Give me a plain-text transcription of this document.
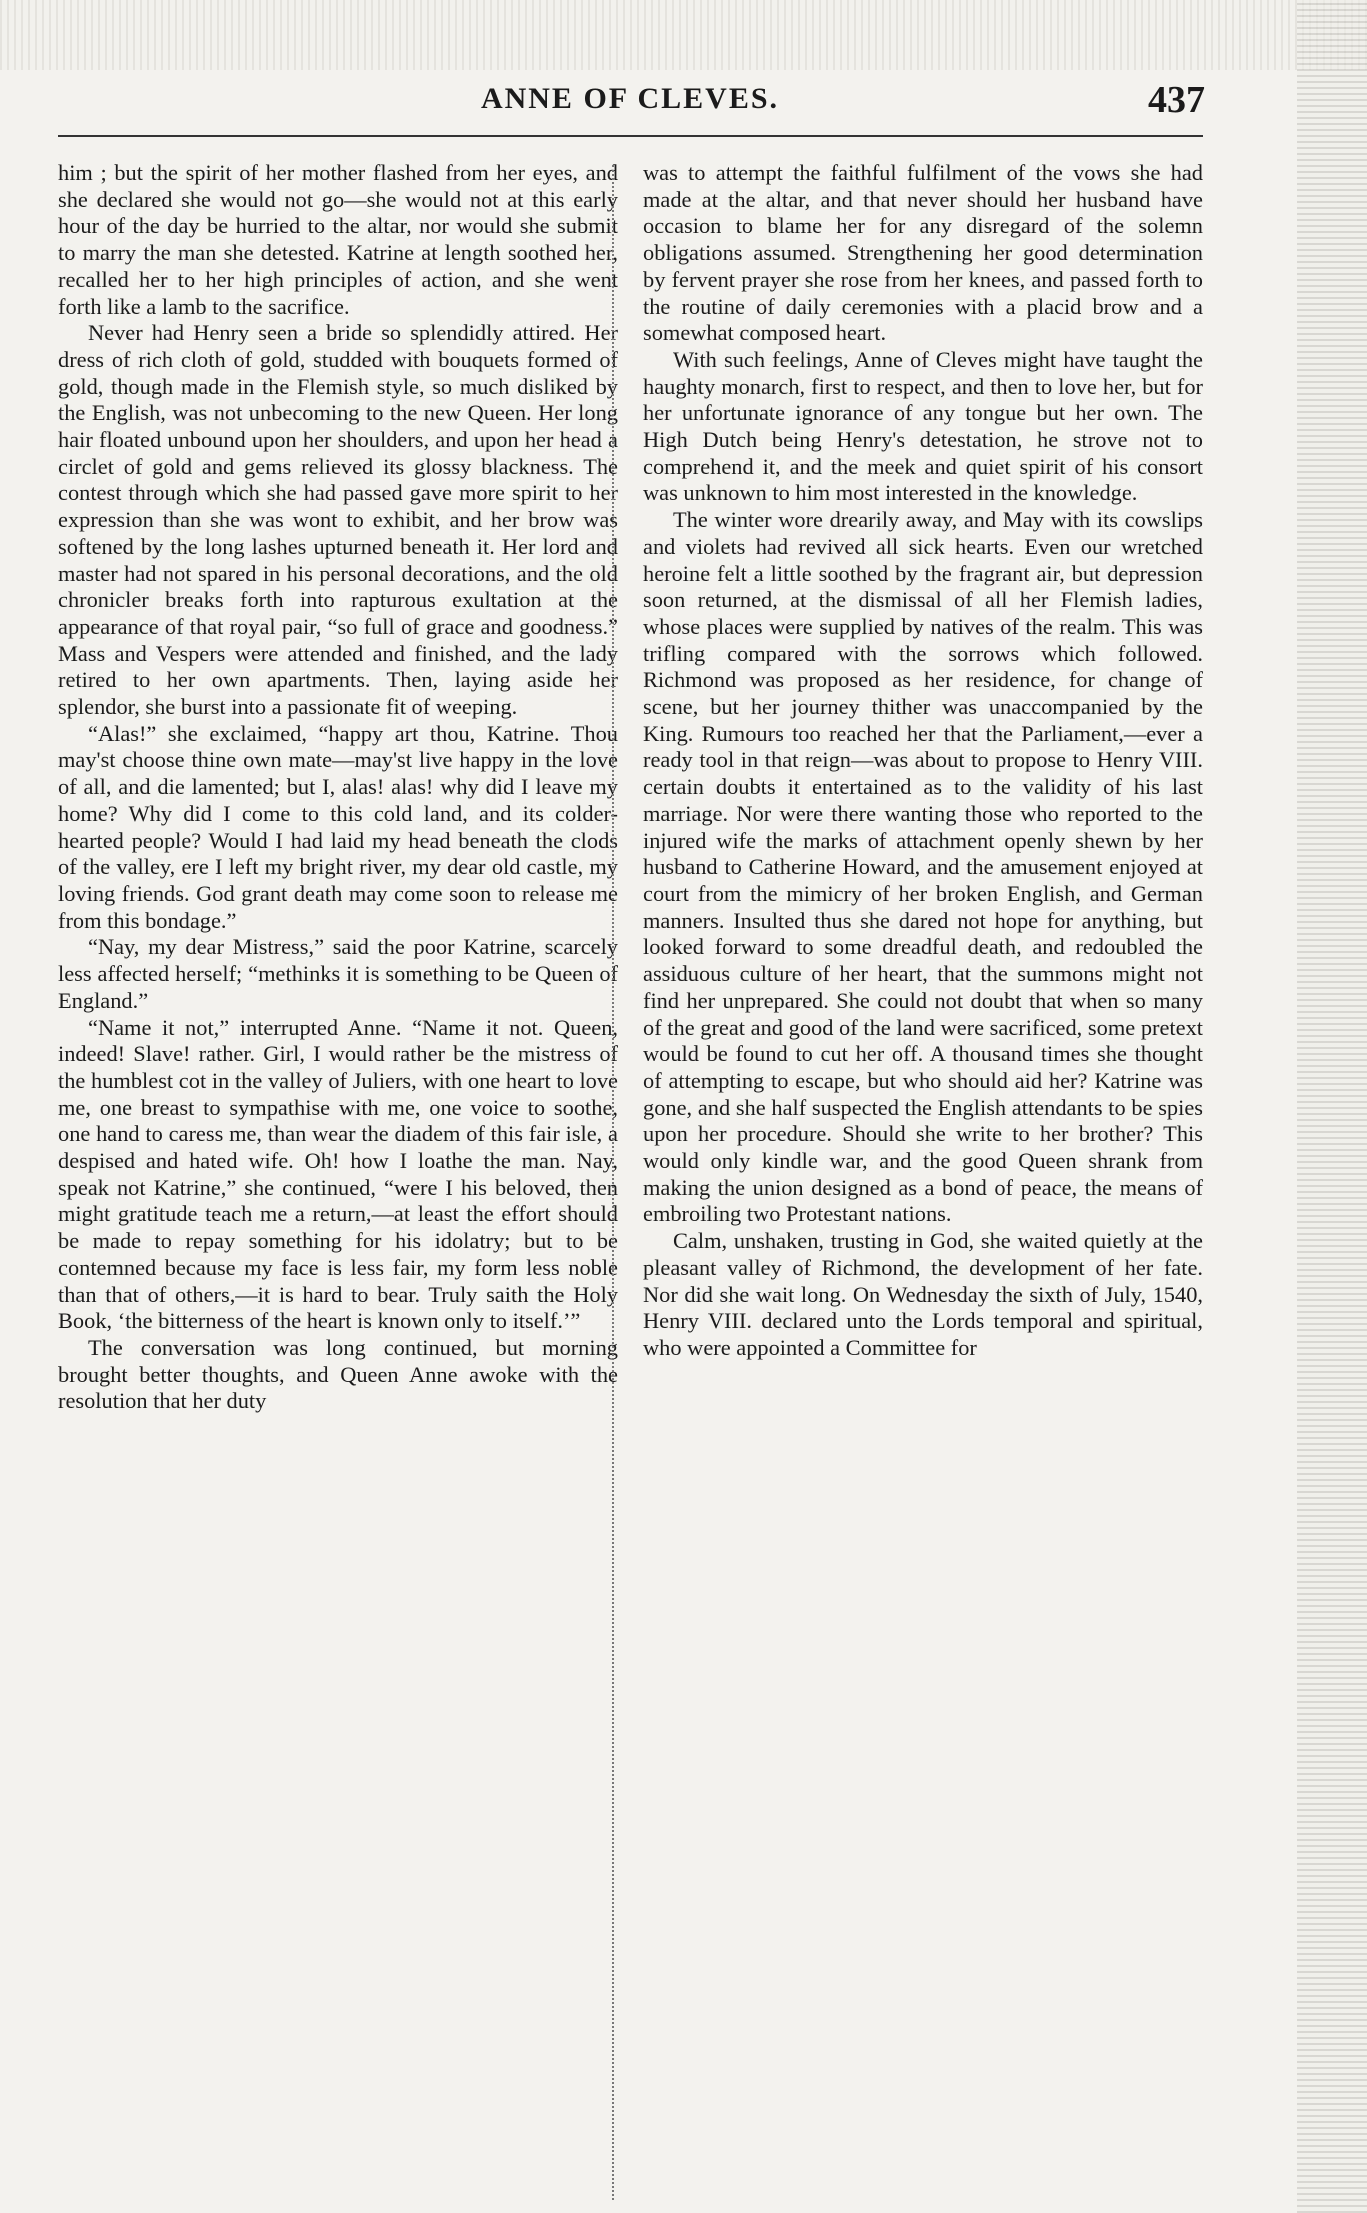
ANNE OF CLEVES.	437

him ; but the spirit of her mother flashed from her eyes, and she declared she would not go—she would not at this early hour of the day be hurried to the altar, nor would she submit to marry the man she detested. Katrine at length soothed her, recalled her to her high principles of action, and she went forth like a lamb to the sacrifice.

Never had Henry seen a bride so splendidly attired. Her dress of rich cloth of gold, studded with bouquets formed of gold, though made in the Flemish style, so much disliked by the English, was not unbecoming to the new Queen. Her long hair floated unbound upon her shoulders, and upon her head a circlet of gold and gems relieved its glossy blackness. The contest through which she had passed gave more spirit to her expression than she was wont to exhibit, and her brow was softened by the long lashes upturned beneath it. Her lord and master had not spared in his personal decorations, and the old chronicler breaks forth into rapturous exultation at the appearance of that royal pair, “so full of grace and goodness.” Mass and Vespers were attended and finished, and the lady retired to her own apartments. Then, laying aside her splendor, she burst into a passionate fit of weeping.

“Alas!” she exclaimed, “happy art thou, Katrine. Thou may'st choose thine own mate—may'st live happy in the love of all, and die lamented; but I, alas! alas! why did I leave my home? Why did I come to this cold land, and its colder-hearted people? Would I had laid my head beneath the clods of the valley, ere I left my bright river, my dear old castle, my loving friends. God grant death may come soon to release me from this bondage.”

“Nay, my dear Mistress,” said the poor Katrine, scarcely less affected herself; “methinks it is something to be Queen of England.”

“Name it not,” interrupted Anne. “Name it not. Queen, indeed! Slave! rather. Girl, I would rather be the mistress of the humblest cot in the valley of Juliers, with one heart to love me, one breast to sympathise with me, one voice to soothe, one hand to caress me, than wear the diadem of this fair isle, a despised and hated wife. Oh! how I loathe the man. Nay, speak not Katrine,” she continued, “were I his beloved, then might gratitude teach me a return,—at least the effort should be made to repay something for his idolatry; but to be contemned because my face is less fair, my form less noble than that of others,—it is hard to bear. Truly saith the Holy Book, ‘the bitterness of the heart is known only to itself.’”

The conversation was long continued, but morning brought better thoughts, and Queen Anne awoke with the resolution that her duty

was to attempt the faithful fulfilment of the vows she had made at the altar, and that never should her husband have occasion to blame her for any disregard of the solemn obligations assumed. Strengthening her good determination by fervent prayer she rose from her knees, and passed forth to the routine of daily ceremonies with a placid brow and a somewhat composed heart.

With such feelings, Anne of Cleves might have taught the haughty monarch, first to respect, and then to love her, but for her unfortunate ignorance of any tongue but her own. The High Dutch being Henry's detestation, he strove not to comprehend it, and the meek and quiet spirit of his consort was unknown to him most interested in the knowledge.

The winter wore drearily away, and May with its cowslips and violets had revived all sick hearts. Even our wretched heroine felt a little soothed by the fragrant air, but depression soon returned, at the dismissal of all her Flemish ladies, whose places were supplied by natives of the realm. This was trifling compared with the sorrows which followed. Richmond was proposed as her residence, for change of scene, but her journey thither was unaccompanied by the King. Rumours too reached her that the Parliament,—ever a ready tool in that reign—was about to propose to Henry VIII. certain doubts it entertained as to the validity of his last marriage. Nor were there wanting those who reported to the injured wife the marks of attachment openly shewn by her husband to Catherine Howard, and the amusement enjoyed at court from the mimicry of her broken English, and German manners. Insulted thus she dared not hope for anything, but looked forward to some dreadful death, and redoubled the assiduous culture of her heart, that the summons might not find her unprepared. She could not doubt that when so many of the great and good of the land were sacrificed, some pretext would be found to cut her off. A thousand times she thought of attempting to escape, but who should aid her? Katrine was gone, and she half suspected the English attendants to be spies upon her procedure. Should she write to her brother? This would only kindle war, and the good Queen shrank from making the union designed as a bond of peace, the means of embroiling two Protestant nations.

Calm, unshaken, trusting in God, she waited quietly at the pleasant valley of Richmond, the development of her fate. Nor did she wait long. On Wednesday the sixth of July, 1540, Henry VIII. declared unto the Lords temporal and spiritual, who were appointed a Committee for
